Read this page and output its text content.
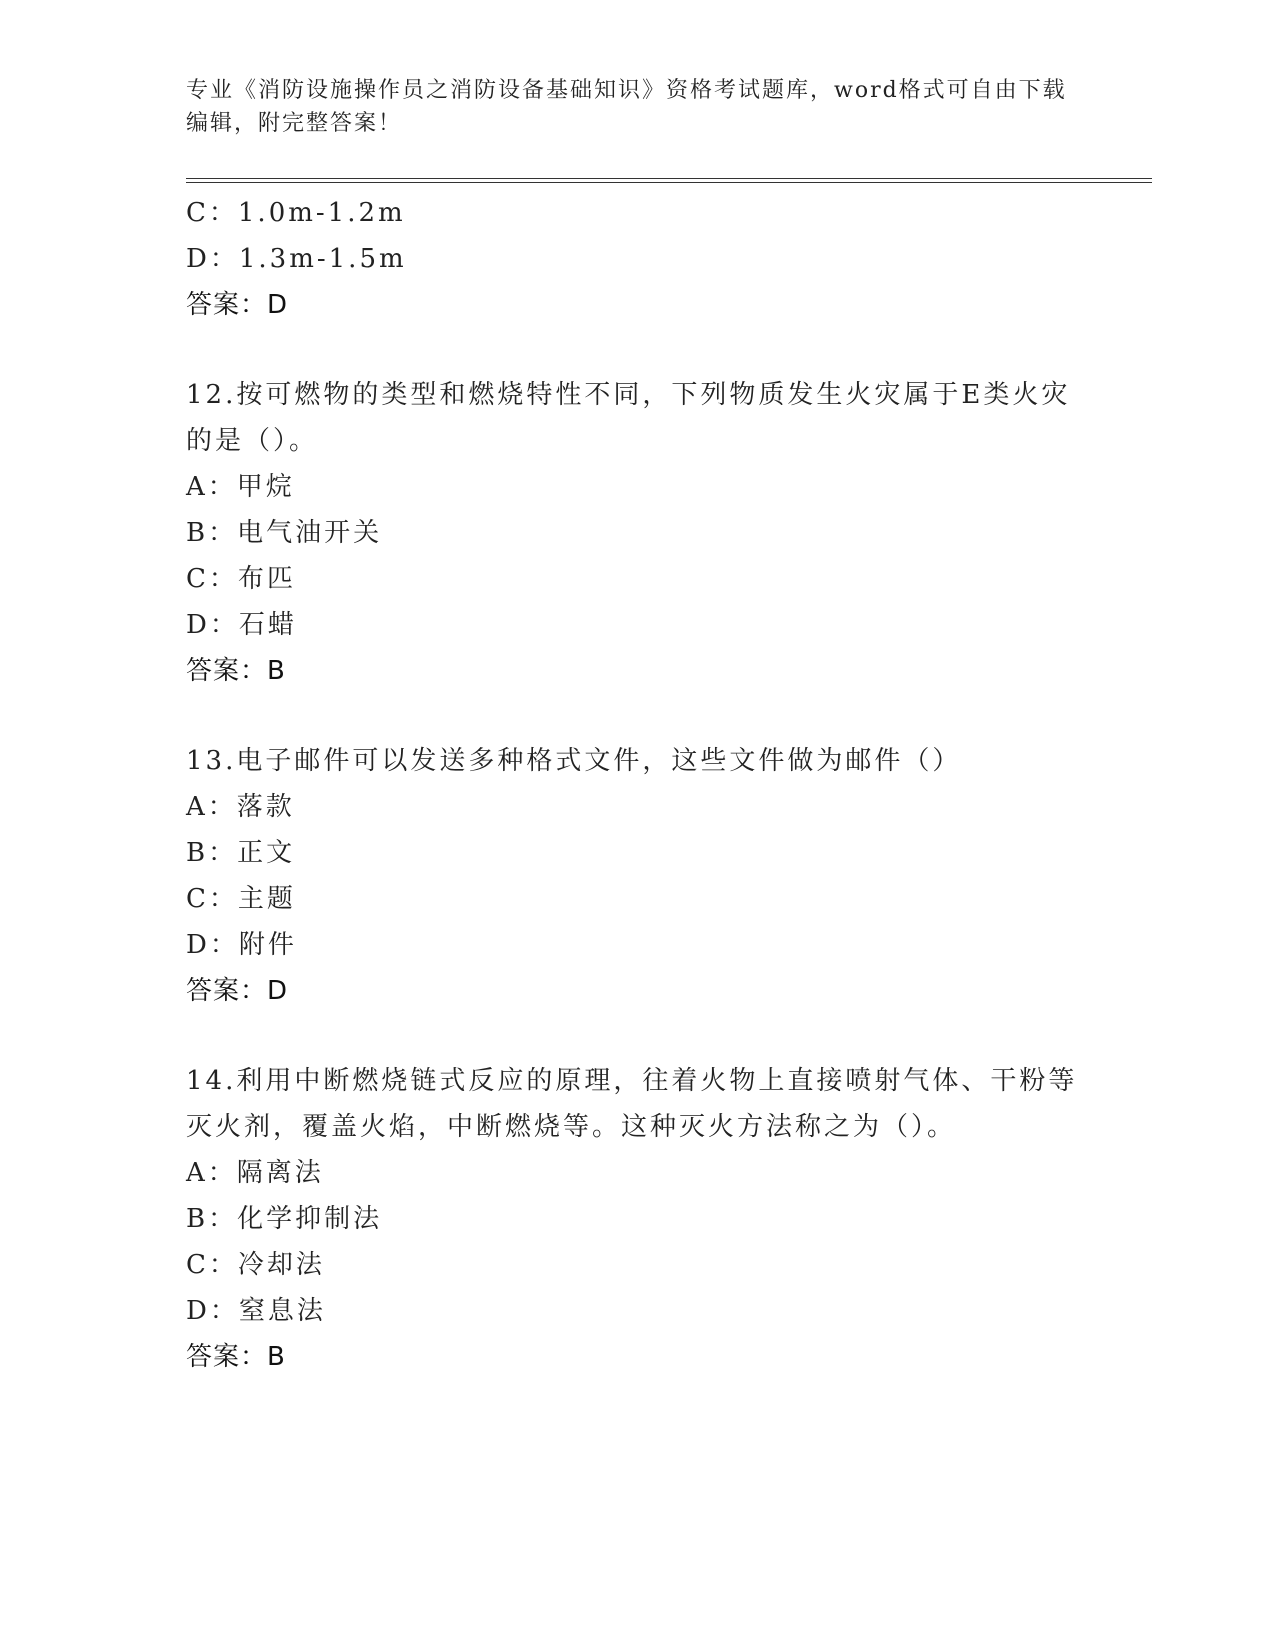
专业《消防设施操作员之消防设备基础知识》资格考试题库，word格式可自由下载编辑，附完整答案！
C：1.0m-1.2m
D：1.3m-1.5m
答案：D
12.按可燃物的类型和燃烧特性不同，下列物质发生火灾属于E类火灾的是（）。
A：甲烷
B：电气油开关
C：布匹
D：石蜡
答案：B
13.电子邮件可以发送多种格式文件，这些文件做为邮件（）
A：落款
B：正文
C：主题
D：附件
答案：D
14.利用中断燃烧链式反应的原理，往着火物上直接喷射气体、干粉等灭火剂，覆盖火焰，中断燃烧等。这种灭火方法称之为（）。
A：隔离法
B：化学抑制法
C：冷却法
D：窒息法
答案：B
